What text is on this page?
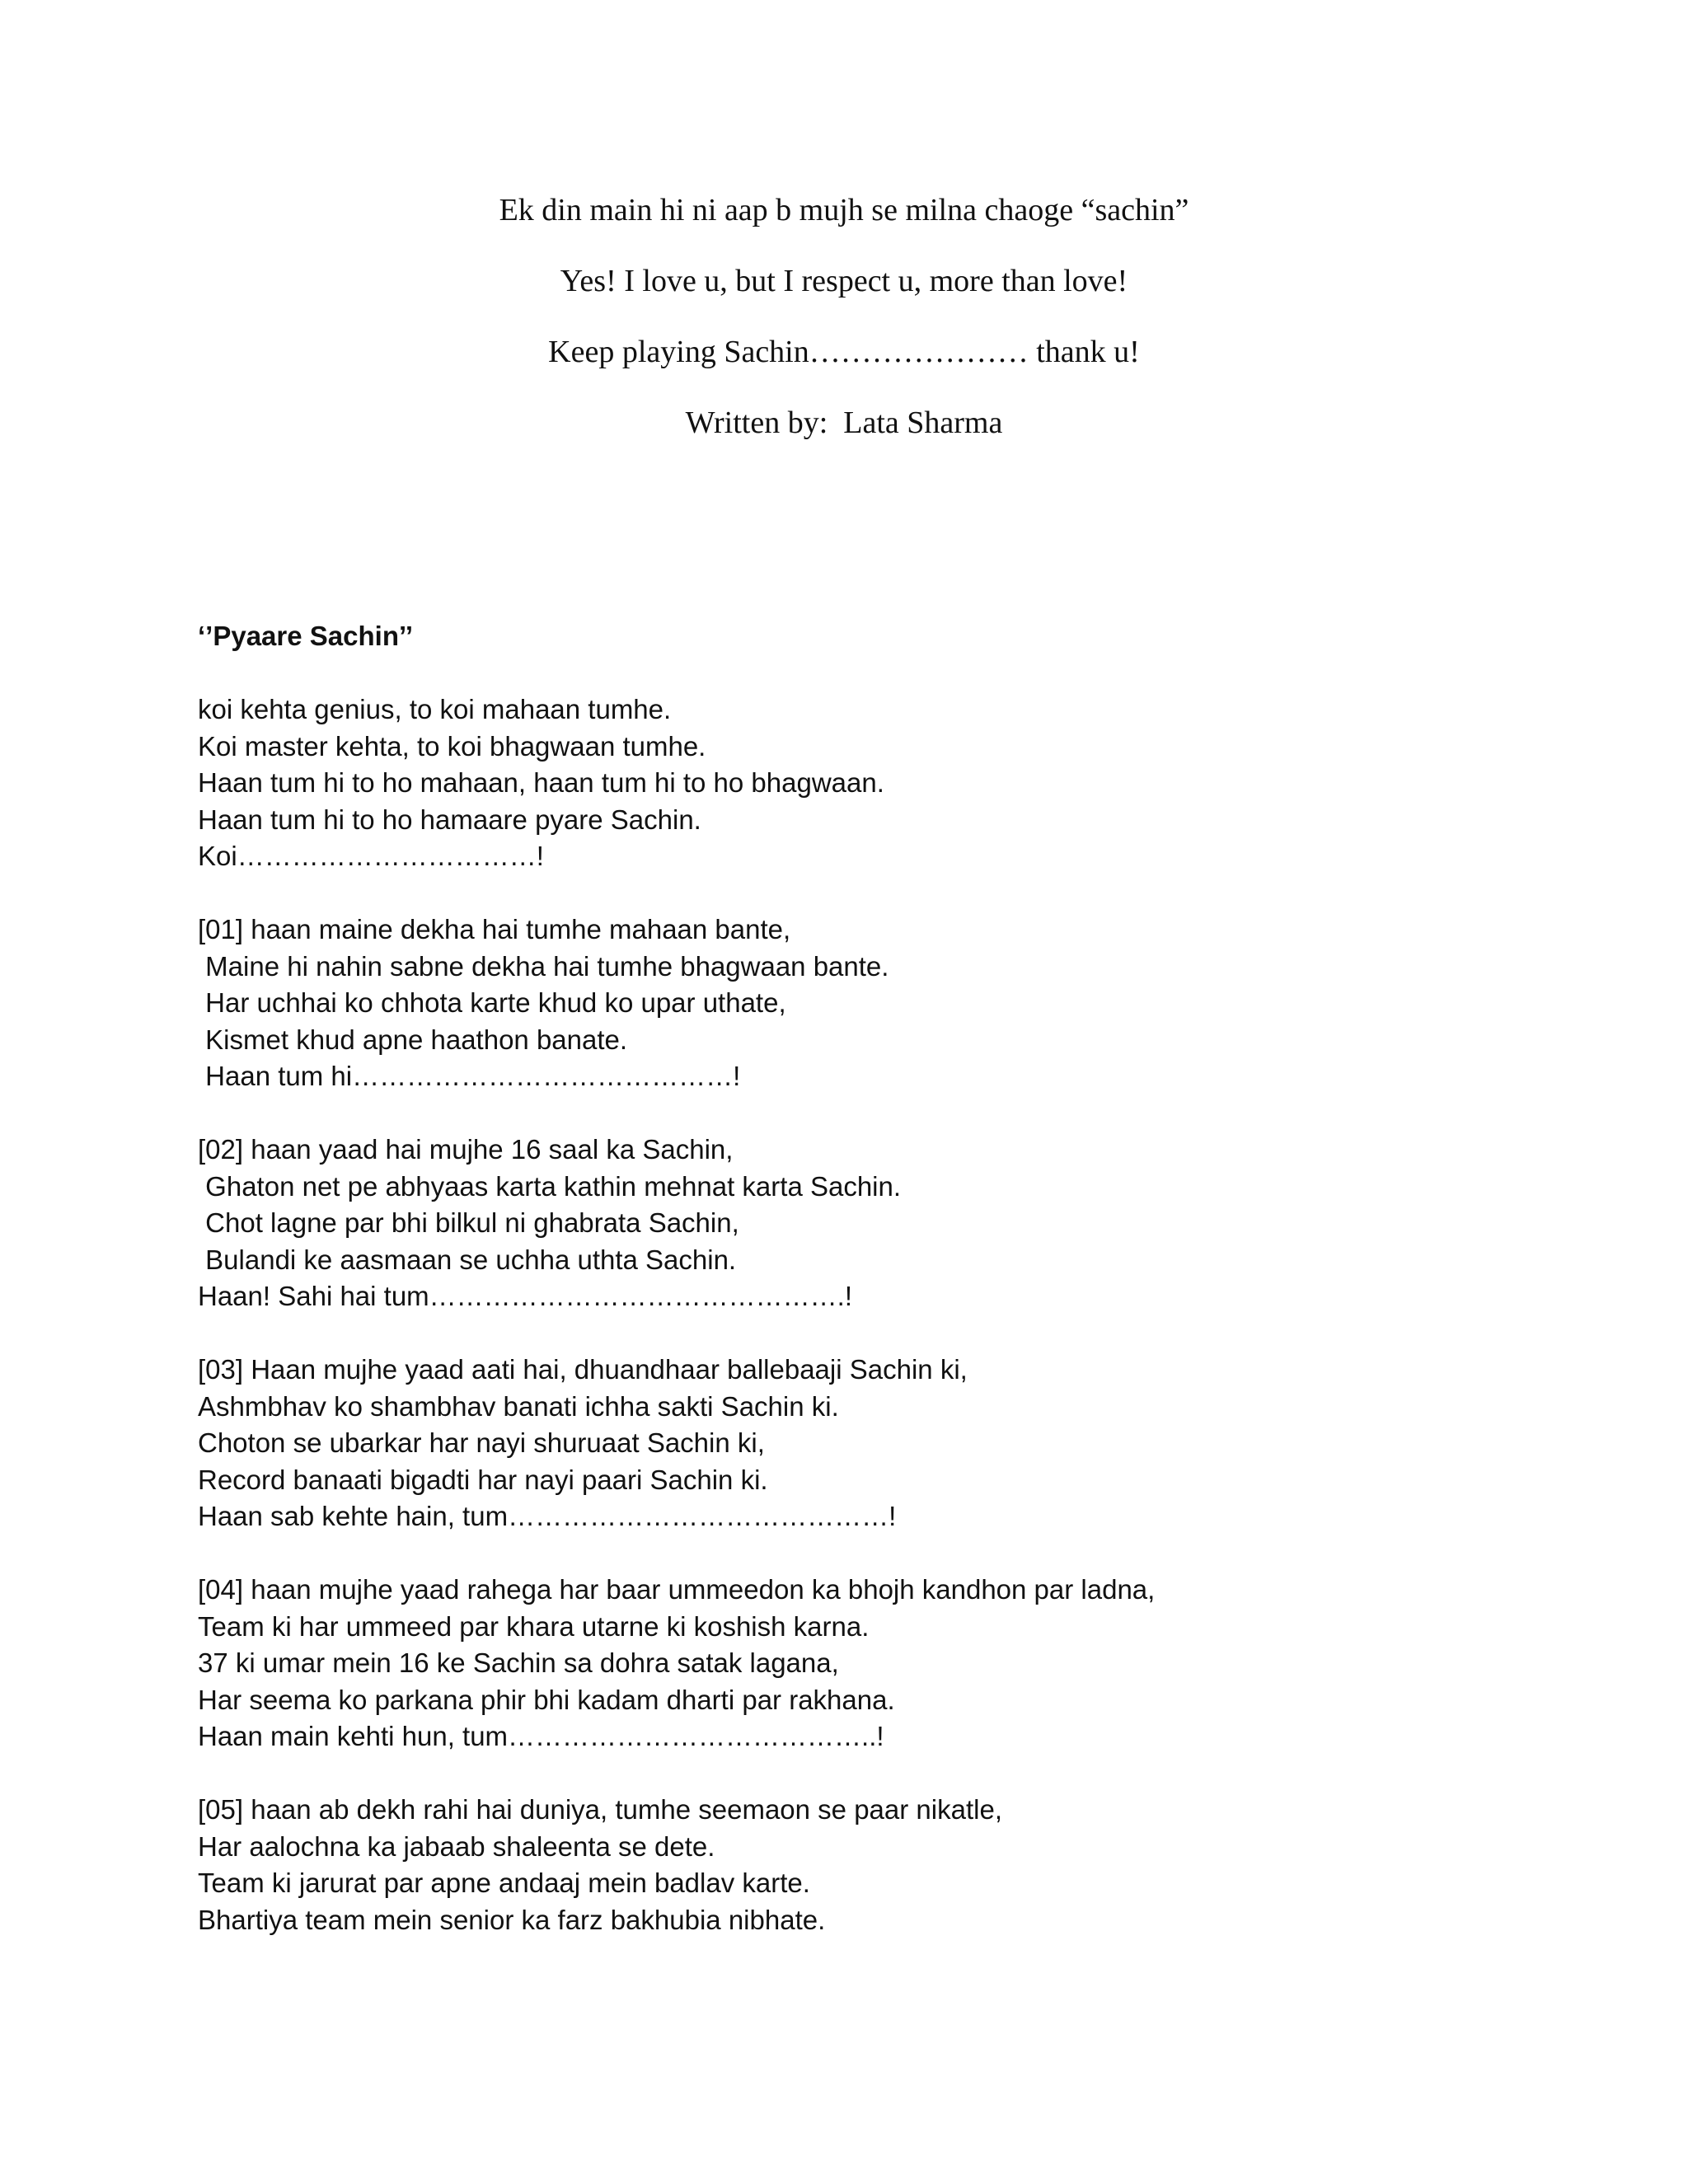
Ek din main hi ni aap b mujh se milna chaoge “sachin”

Yes! I love u, but I respect u, more than love!

Keep playing Sachin………………… thank u!

Written by:  Lata Sharma

‘’Pyaare Sachin’’
koi kehta genius, to koi mahaan tumhe.
Koi master kehta, to koi bhagwaan tumhe.
Haan tum hi to ho mahaan, haan tum hi to ho bhagwaan.
Haan tum hi to ho hamaare pyare Sachin.
Koi……………………………!
[01] haan maine dekha hai tumhe mahaan bante,
Maine hi nahin sabne dekha hai tumhe bhagwaan bante.
Har uchhai ko chhota karte khud ko upar uthate,
Kismet khud apne haathon banate.
Haan tum hi……………………………………!
[02] haan yaad hai mujhe 16 saal ka Sachin,
Ghaton net pe abhyaas karta kathin mehnat karta Sachin.
Chot lagne par bhi bilkul ni ghabrata Sachin,
Bulandi ke aasmaan se uchha uthta Sachin.
Haan! Sahi hai tum……………………………………….!
[03] Haan mujhe yaad aati hai, dhuandhaar ballebaaji Sachin ki,
Ashmbhav ko shambhav banati ichha sakti Sachin ki.
Choton se ubarkar har nayi shuruaat Sachin ki,
Record banaati bigadti har nayi paari Sachin ki.
Haan sab kehte hain, tum……………………………………!
[04] haan mujhe yaad rahega har baar ummeedon ka bhojh kandhon par ladna,
Team ki har ummeed par khara utarne ki koshish karna.
37 ki umar mein 16 ke Sachin sa dohra satak lagana,
Har seema ko parkana phir bhi kadam dharti par rakhana.
Haan main kehti hun, tum…………………………………..!
[05] haan ab dekh rahi hai duniya, tumhe seemaon se paar nikatle,
Har aalochna ka jabaab shaleenta se dete.
Team ki jarurat par apne andaaj mein badlav karte.
Bhartiya team mein senior ka farz bakhubia nibhate.
